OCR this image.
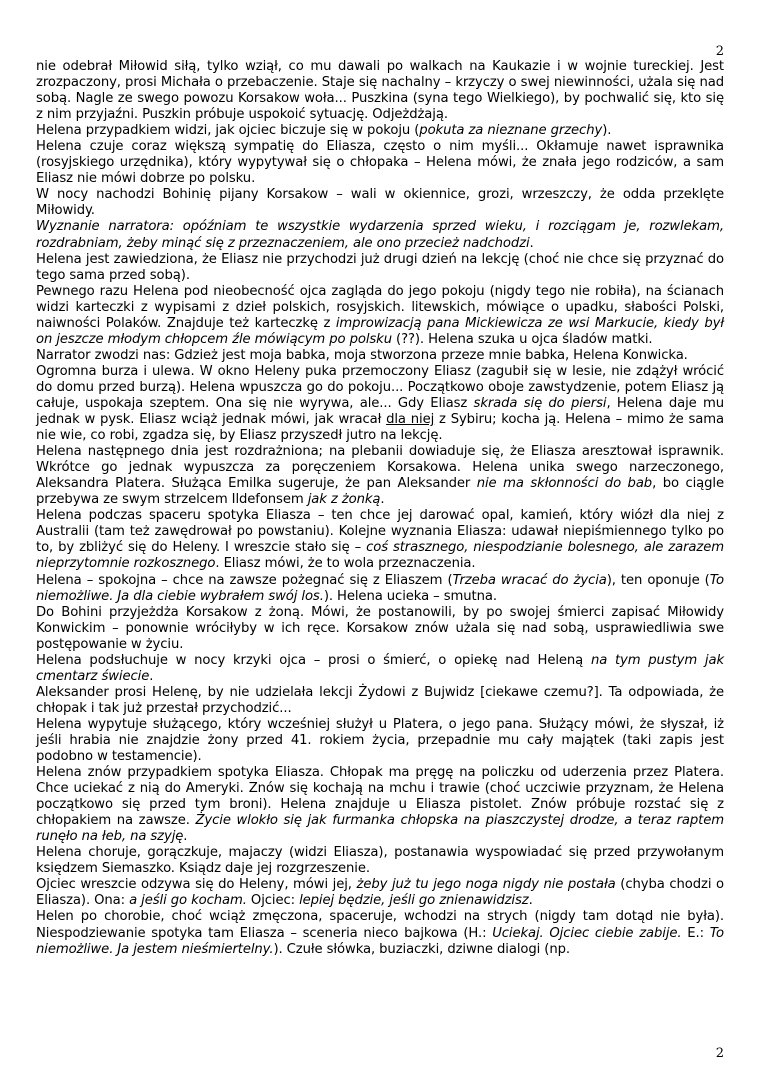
2

nie odebrał Miłowid siłą, tylko wziął, co mu dawali po walkach na Kaukazie i w wojnie tureckiej. Jest zrozpaczony, prosi Michała o przebaczenie. Staje się nachalny – krzyczy o swej niewinności, użala się nad sobą. Nagle ze swego powozu Korsakow woła... Puszkina (syna tego Wielkiego), by pochwalić się, kto się z nim przyjaźni. Puszkin próbuje uspokoić sytuację. Odjeżdżają.

Helena przypadkiem widzi, jak ojciec biczuje się w pokoju (pokuta za nieznane grzechy).

Helena czuje coraz większą sympatię do Eliasza, często o nim myśli... Okłamuje nawet isprawnika (rosyjskiego urzędnika), który wypytywał się o chłopaka – Helena mówi, że znała jego rodziców, a sam Eliasz nie mówi dobrze po polsku.

W nocy nachodzi Bohinię pijany Korsakow – wali w okiennice, grozi, wrzeszczy, że odda przeklęte Miłowidy.

Wyznanie narratora: opóźniam te wszystkie wydarzenia sprzed wieku, i rozciągam je, rozwlekam, rozdrabniam, żeby minąć się z przeznaczeniem, ale ono przecież nadchodzi.

Helena jest zawiedziona, że Eliasz nie przychodzi już drugi dzień na lekcję (choć nie chce się przyznać do tego sama przed sobą).

Pewnego razu Helena pod nieobecność ojca zagląda do jego pokoju (nigdy tego nie robiła), na ścianach widzi karteczki z wypisami z dzieł polskich, rosyjskich. litewskich, mówiące o upadku, słabości Polski, naiwności Polaków. Znajduje też karteczkę z improwizacją pana Mickiewicza ze wsi Markucie, kiedy był on jeszcze młodym chłopcem źle mówiącym po polsku (??). Helena szuka u ojca śladów matki.

Narrator zwodzi nas: Gdzież jest moja babka, moja stworzona przeze mnie babka, Helena Konwicka.

Ogromna burza i ulewa. W okno Heleny puka przemoczony Eliasz (zagubił się w lesie, nie zdążył wrócić do domu przed burzą). Helena wpuszcza go do pokoju... Początkowo oboje zawstydzenie, potem Eliasz ją całuje, uspokaja szeptem. Ona się nie wyrywa, ale... Gdy Eliasz skrada się do piersi, Helena daje mu jednak w pysk. Eliasz wciąż jednak mówi, jak wracał dla niej z Sybiru; kocha ją. Helena – mimo że sama nie wie, co robi, zgadza się, by Eliasz przyszedł jutro na lekcję.

Helena następnego dnia jest rozdrażniona; na plebanii dowiaduje się, że Eliasza aresztował isprawnik. Wkrótce go jednak wypuszcza za poręczeniem Korsakowa. Helena unika swego narzeczonego, Aleksandra Platera. Służąca Emilka sugeruje, że pan Aleksander nie ma skłonności do bab, bo ciągle przebywa ze swym strzelcem Ildefonsem jak z żonką.

Helena podczas spaceru spotyka Eliasza – ten chce jej darować opal, kamień, który wiózł dla niej z Australii (tam też zawędrował po powstaniu). Kolejne wyznania Eliasza: udawał niepiśmiennego tylko po to, by zbliżyć się do Heleny. I wreszcie stało się – coś strasznego, niespodzianie bolesnego, ale zarazem nieprzytomnie rozkosznego. Eliasz mówi, że to wola przeznaczenia.

Helena – spokojna – chce na zawsze pożegnać się z Eliaszem (Trzeba wracać do życia), ten oponuje (To niemożliwe. Ja dla ciebie wybrałem swój los.). Helena ucieka – smutna.

Do Bohini przyjeżdża Korsakow z żoną. Mówi, że postanowili, by po swojej śmierci zapisać Miłowidy Konwickim – ponownie wróciłyby w ich ręce. Korsakow znów użala się nad sobą, usprawiedliwia swe postępowanie w życiu.

Helena podsłuchuje w nocy krzyki ojca – prosi o śmierć, o opiekę nad Heleną na tym pustym jak cmentarz świecie.

Aleksander prosi Helenę, by nie udzielała lekcji Żydowi z Bujwidz [ciekawe czemu?]. Ta odpowiada, że chłopak i tak już przestał przychodzić...

Helena wypytuje służącego, który wcześniej służył u Platera, o jego pana. Służący mówi, że słyszał, iż jeśli hrabia nie znajdzie żony przed 41. rokiem życia, przepadnie mu cały majątek (taki zapis jest podobno w testamencie).

Helena znów przypadkiem spotyka Eliasza. Chłopak ma pręgę na policzku od uderzenia przez Platera. Chce uciekać z nią do Ameryki. Znów się kochają na mchu i trawie (choć uczciwie przyznam, że Helena początkowo się przed tym broni). Helena znajduje u Eliasza pistolet. Znów próbuje rozstać się z chłopakiem na zawsze. Życie wlokło się jak furmanka chłopska na piaszczystej drodze, a teraz raptem runęło na łeb, na szyję.

Helena choruje, gorączkuje, majaczy (widzi Eliasza), postanawia wyspowiadać się przed przywołanym księdzem Siemaszko. Ksiądz daje jej rozgrzeszenie.

Ojciec wreszcie odzywa się do Heleny, mówi jej, żeby już tu jego noga nigdy nie postała (chyba chodzi o Eliasza). Ona: a jeśli go kocham. Ojciec: lepiej będzie, jeśli go znienawidzisz.

Helen po chorobie, choć wciąż zmęczona, spaceruje, wchodzi na strych (nigdy tam dotąd nie była). Niespodziewanie spotyka tam Eliasza – sceneria nieco bajkowa (H.: Uciekaj. Ojciec ciebie zabije. E.: To niemożliwe. Ja jestem nieśmiertelny.). Czułe słówka, buziaczki, dziwne dialogi (np.

2
